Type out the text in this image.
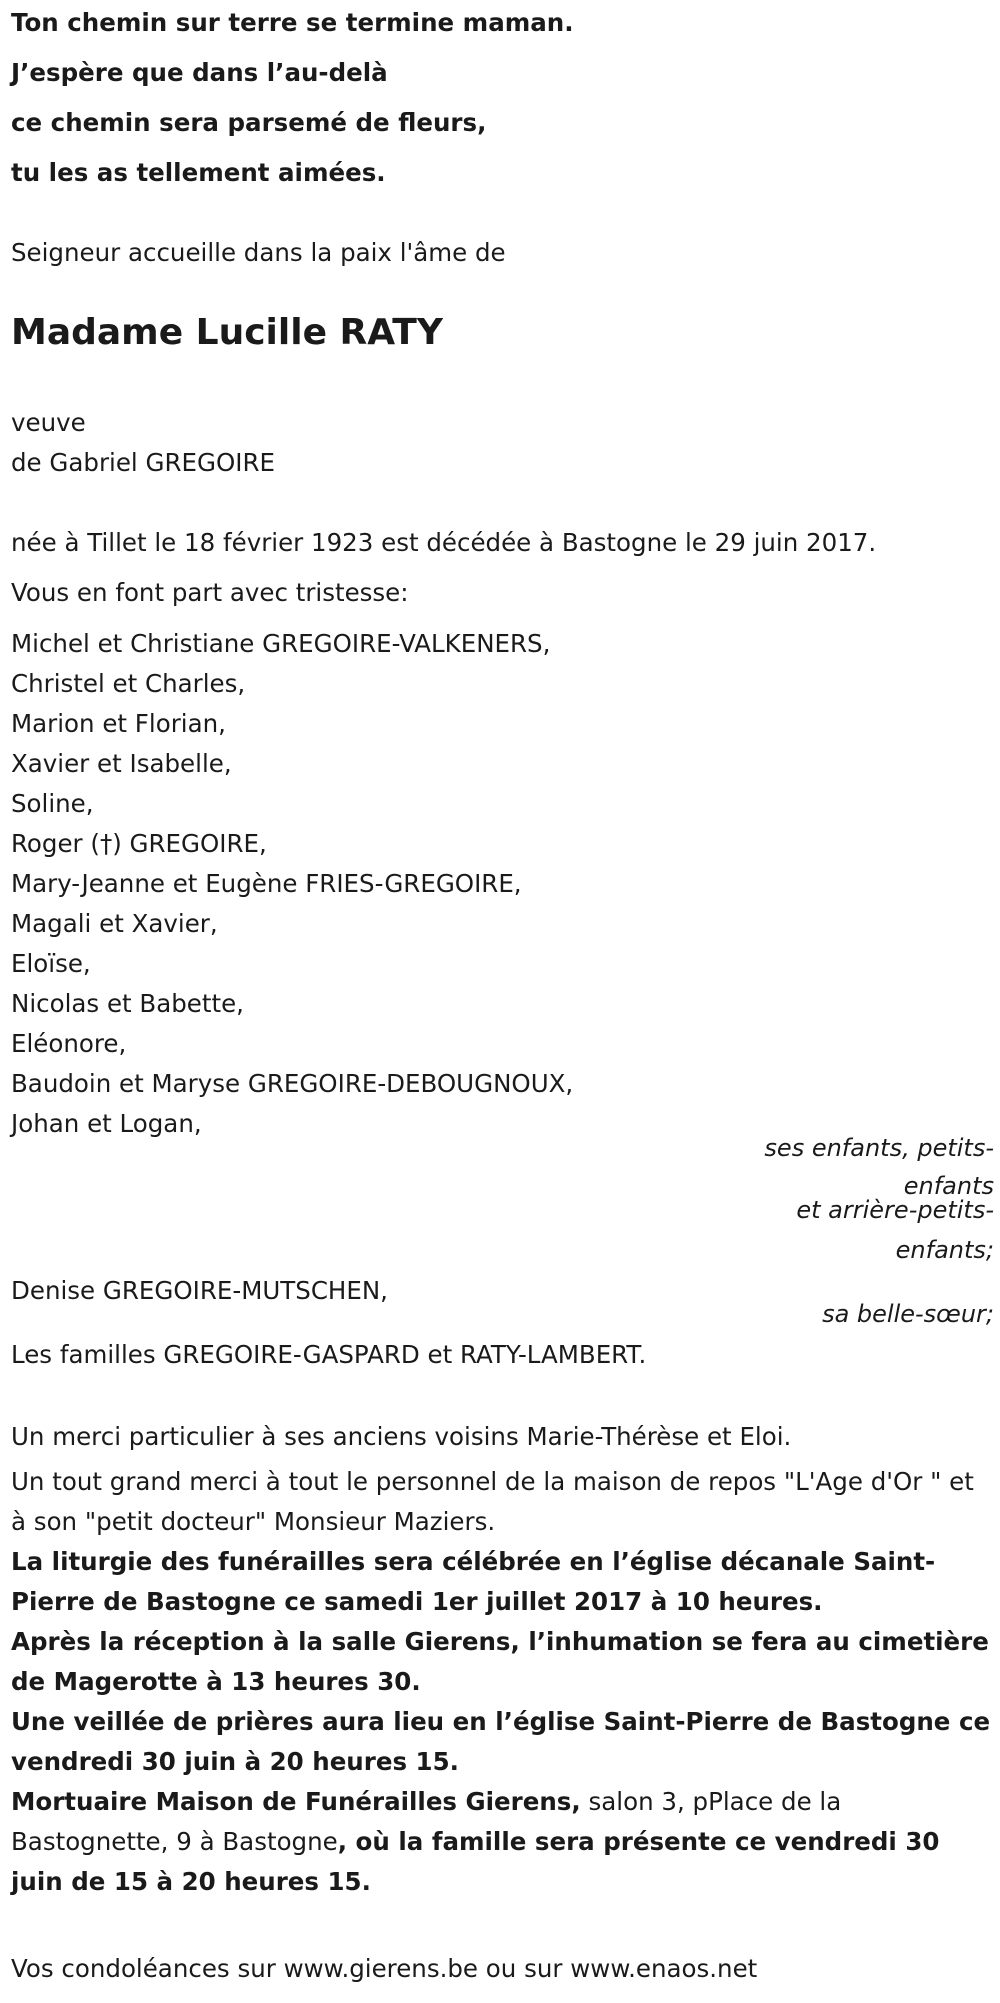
Ton chemin sur terre se termine maman.
J’espère que dans l’au-delà
ce chemin sera parsemé de fleurs,
tu les as tellement aimées.
Seigneur accueille dans la paix l'âme de
Madame Lucille RATY
veuve
de Gabriel GREGOIRE
née à Tillet le 18 février 1923 est décédée à Bastogne le 29 juin 2017.
Vous en font part avec tristesse:
Michel et Christiane GREGOIRE-VALKENERS,
Christel et Charles,
Marion et Florian,
Xavier et Isabelle,
Soline,
Roger (†) GREGOIRE,
Mary-Jeanne et Eugène FRIES-GREGOIRE,
Magali et Xavier,
Eloïse,
Nicolas et Babette,
Eléonore,
Baudoin et Maryse GREGOIRE-DEBOUGNOUX,
Johan et Logan,
ses enfants, petits-
enfants
et arrière-petits-
enfants;
Denise GREGOIRE-MUTSCHEN,
sa belle-sœur;
Les familles GREGOIRE-GASPARD et RATY-LAMBERT.
Un merci particulier à ses anciens voisins Marie-Thérèse et Eloi.
Un tout grand merci à tout le personnel de la maison de repos "L'Age d'Or " et à son "petit docteur" Monsieur Maziers.
La liturgie des funérailles sera célébrée en l’église décanale Saint-Pierre de Bastogne ce samedi 1er juillet 2017 à 10 heures.
Après la réception à la salle Gierens, l’inhumation se fera au cimetière de Magerotte à 13 heures 30.
Une veillée de prières aura lieu en l’église Saint-Pierre de Bastogne ce vendredi 30 juin à 20 heures 15.
Mortuaire Maison de Funérailles Gierens, salon 3, pPlace de la Bastognette, 9 à Bastogne, où la famille sera présente ce vendredi 30 juin de 15 à 20 heures 15.
Vos condoléances sur www.gierens.be ou sur www.enaos.net
